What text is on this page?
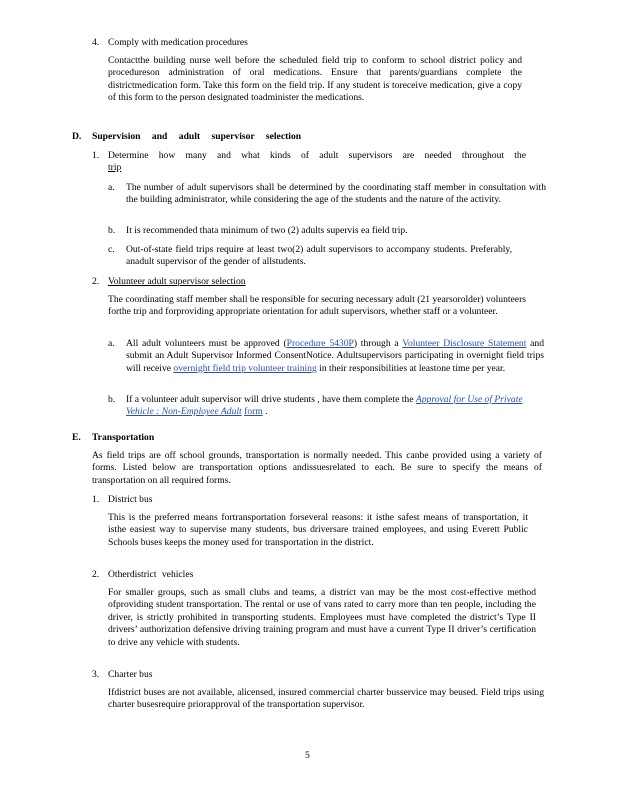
4. Comply with medication procedures

Contactthe building nurse well before the scheduled field trip to conform to school district policy and procedureson administration of oral medications. Ensure that parents/guardians complete the districtmedication form. Take this form on the field trip. If any student is toreceive medication, give a copy of this form to the person designated toadminister the medications.

D. Supervision and adult supervisor selection
1. Determine how many and what kinds of adult supervisors are needed throughout the

trip

a. The number of adult supervisors shall be determined by the coordinating staff member in consultation with the building administrator, while considering the age of the students and the nature of the activity.

b. It is recommended thata minimum of two (2) adults supervis ea field trip.

c. Out-of-state field trips require at least two(2) adult supervisors to accompany students. Preferably, anadult supervisor of the gender of allstudents.

2. Volunteer adult supervisor selection

The coordinating staff member shall be responsible for securing necessary adult (21 yearsorolder) volunteers forthe trip and forproviding appropriate orientation for adult supervisors, whether staff or a volunteer.

a. All adult volunteers must be approved (Procedure 5430P) through a Volunteer Disclosure Statement and submit an Adult Supervisor Informed ConsentNotice. Adultsupervisors participating in overnight field trips will receive overnight field trip volunteer training in their responsibilities at leastone time per year.

b. If a volunteer adult supervisor will drive students , have them complete the Approval for Use of Private Vehicle : Non-Employee Adult form .

E. Transportation

As field trips are off school grounds, transportation is normally needed. This canbe provided using a variety of forms. Listed below are transportation options andissuesrelated to each. Be sure to specify the means of transportation on all required forms.

1. District bus

This is the preferred means fortransportation forseveral reasons: it isthe safest means of transportation, it isthe easiest way to supervise many students, bus driversare trained employees, and using Everett Public Schools buses keeps the money used for transportation in the district.

2. Otherdistrict vehicles

For smaller groups, such as small clubs and teams, a district van may be the most cost-effective method ofproviding student transportation. The rental or use of vans rated to carry more than ten people, including the driver, is strictly prohibited in transporting students. Employees must have completed the district’s Type II drivers’ authorization defensive driving training program and must have a current Type II driver’s certification to drive any vehicle with students.

3. Charter bus

Ifdistrict buses are not available, alicensed, insured commercial charter busservice may beused. Field trips using charter busesrequire priorapproval of the transportation supervisor.

5
